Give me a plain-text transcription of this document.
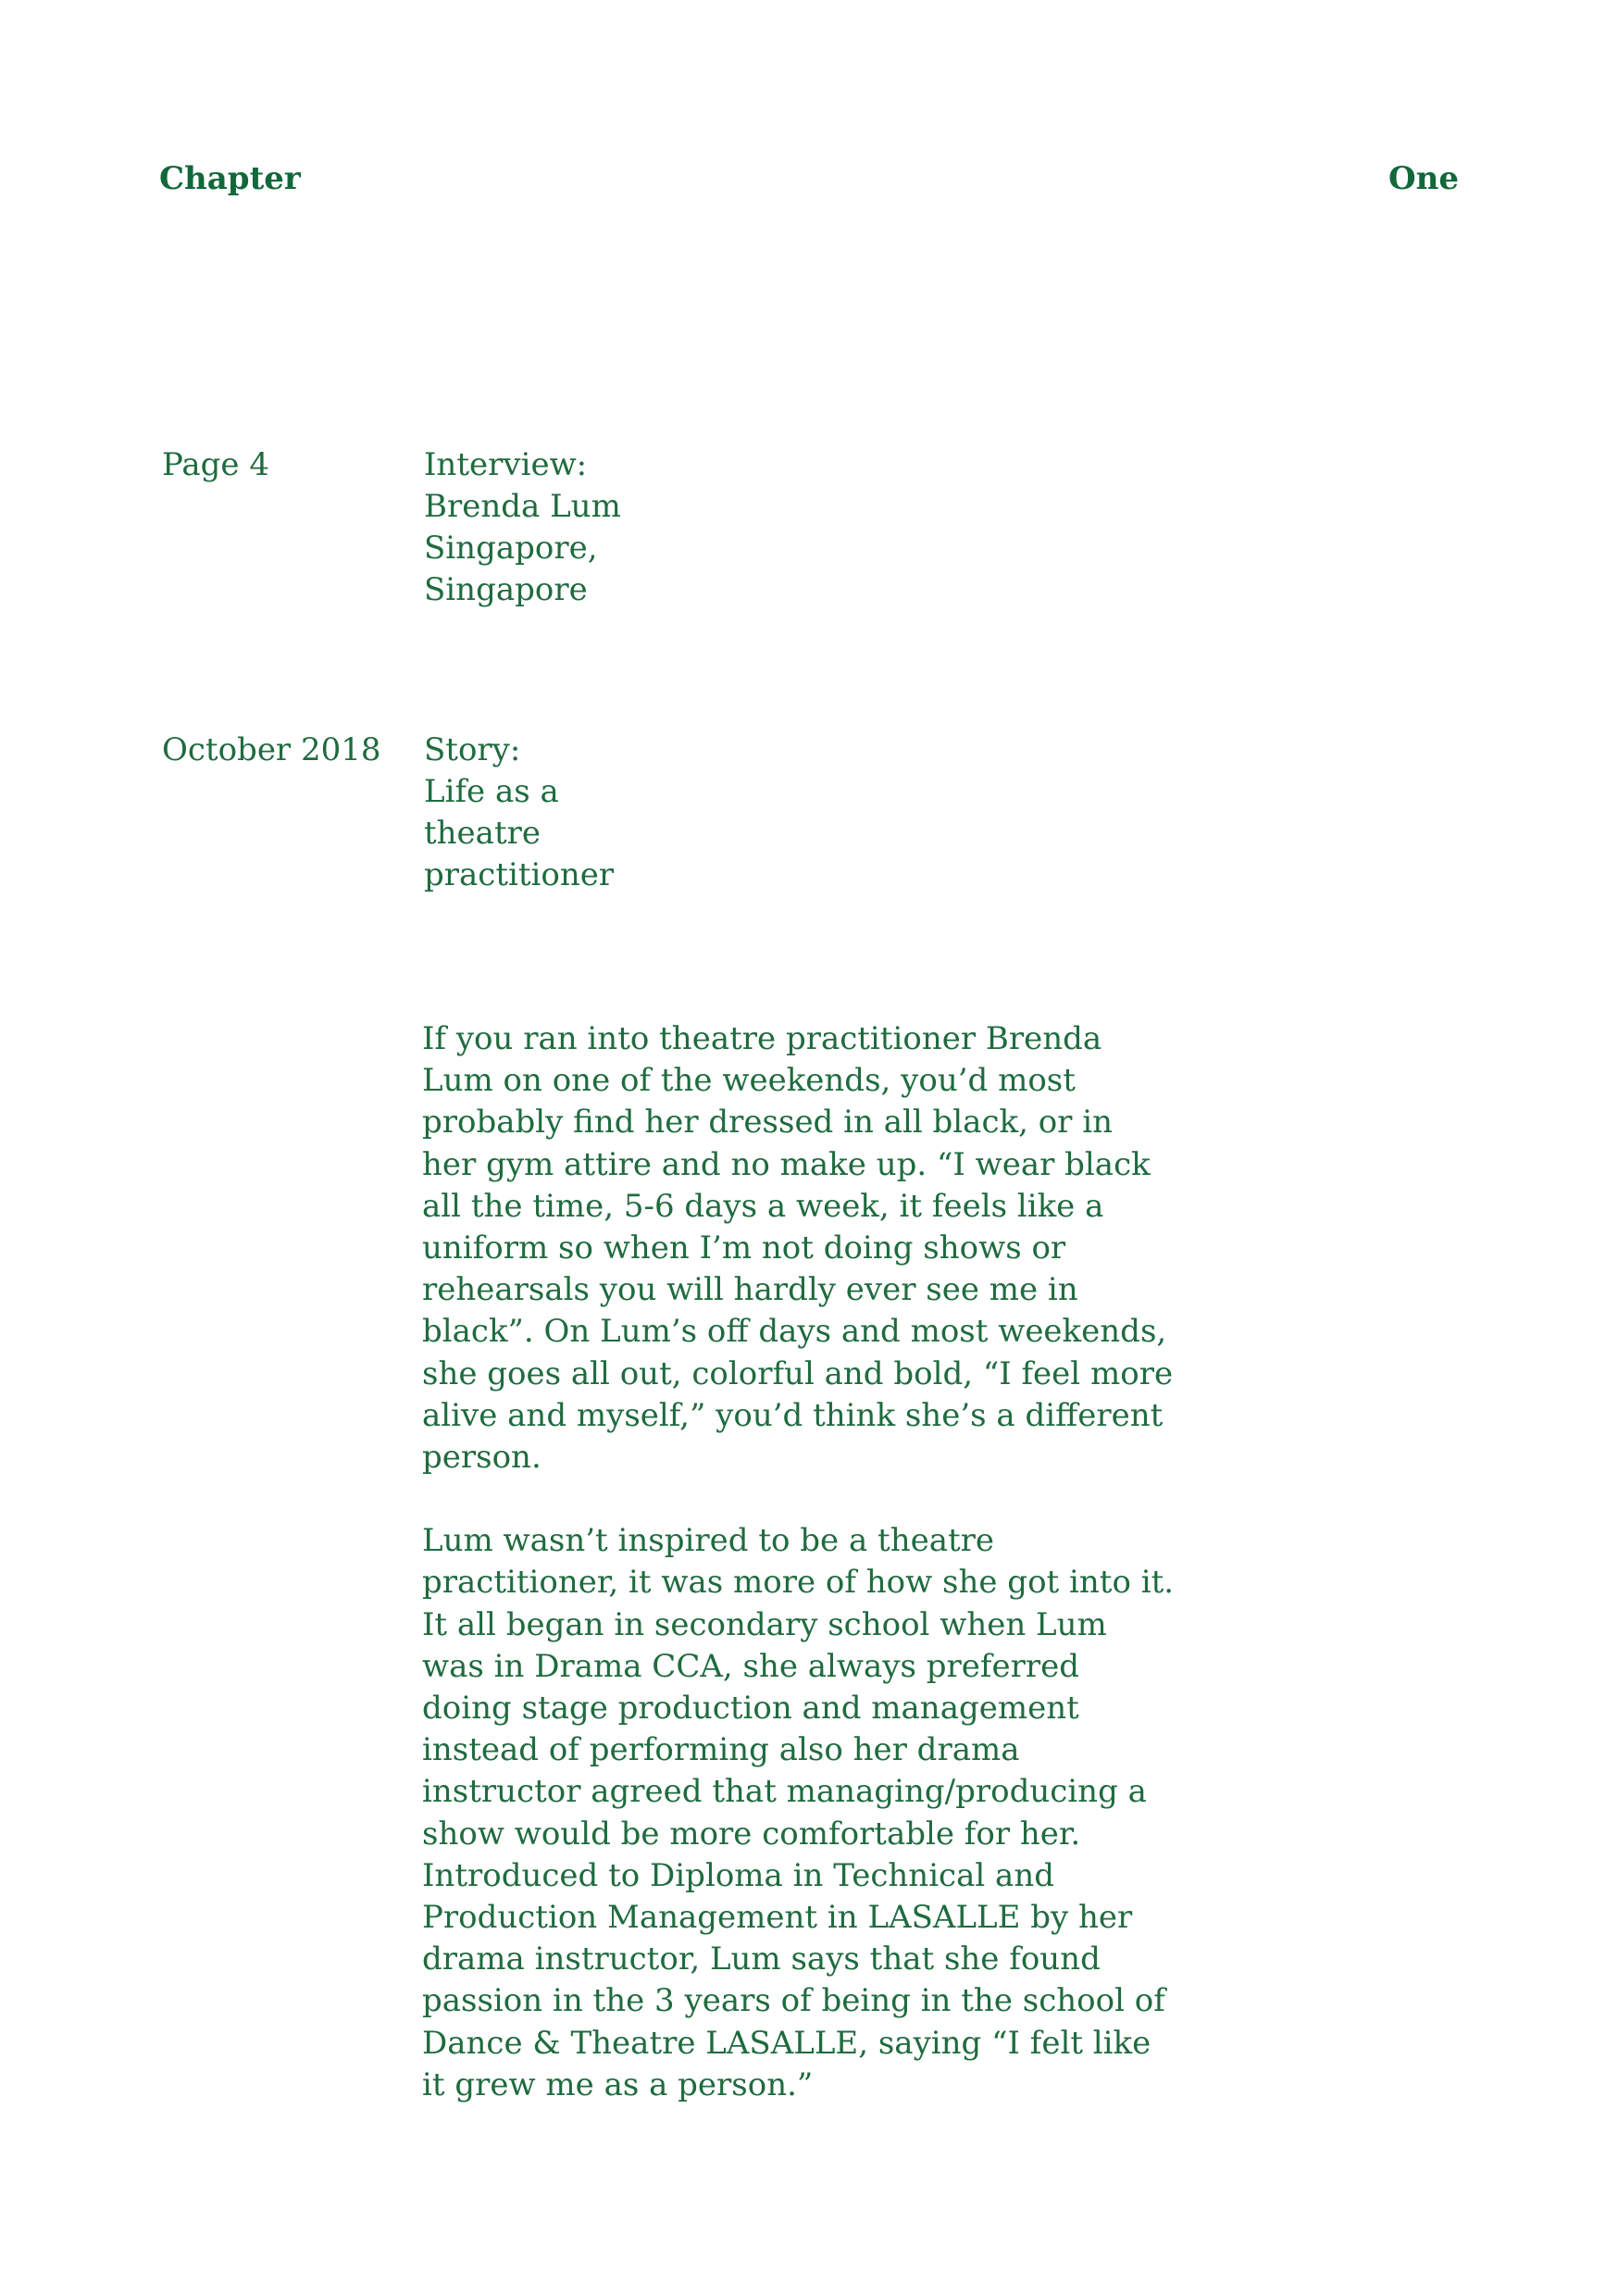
Chapter	One
Page 4	Interview:
Brenda Lum
Singapore,
Singapore
October 2018 Story:
Life as a
theatre
practitioner

If you ran into theatre practitioner Brenda
Lum on one of the weekends, you’d most
probably find her dressed in all black, or in
her gym attire and no make up. “I wear black
all the time, 5-6 days a week, it feels like a
uniform so when I’m not doing shows or
rehearsals you will hardly ever see me in
black”. On Lum’s off days and most weekends,
she goes all out, colorful and bold, “I feel more
alive and myself,” you’d think she’s a different
person.

Lum wasn’t inspired to be a theatre
practitioner, it was more of how she got into it.
It all began in secondary school when Lum
was in Drama CCA, she always preferred
doing stage production and management
instead of performing also her drama
instructor agreed that managing/producing a
show would be more comfortable for her.
Introduced to Diploma in Technical and
Production Management in LASALLE by her
drama instructor, Lum says that she found
passion in the 3 years of being in the school of
Dance & Theatre LASALLE, saying “I felt like
it grew me as a person.”
